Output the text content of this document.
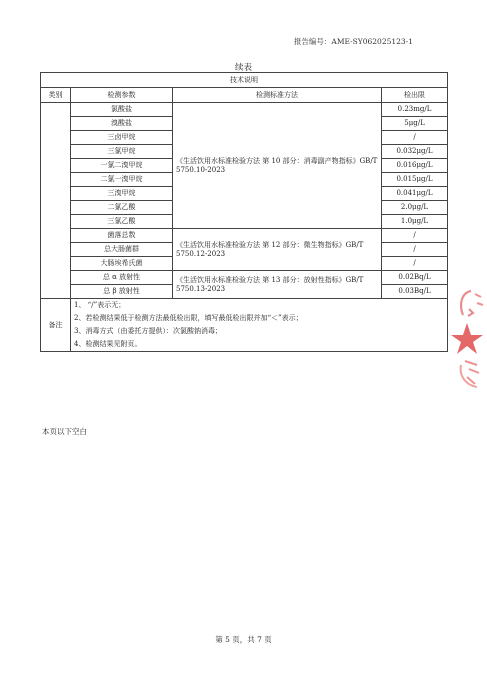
报告编号：AME-SY062025123-1
续表
技术说明			
类别	检测参数	检测标准方法	检出限
	氯酸盐	《生活饮用水标准检验方法 第 10 部分：消毒副产物指标》GB/T 5750.10-2023	0.23mg/L
	溴酸盐		5μg/L
	三卤甲烷		/
	三氯甲烷		0.032μg/L
	一氯二溴甲烷		0.016μg/L
	二氯一溴甲烷		0.015μg/L
	三溴甲烷		0.041μg/L
	二氯乙酸		2.0μg/L
	三氯乙酸		1.0μg/L
	菌落总数	《生活饮用水标准检验方法 第 12 部分：微生物指标》GB/T 5750.12-2023	/
	总大肠菌群		/
	大肠埃希氏菌		/
	总 α 放射性	《生活饮用水标准检验方法 第 13 部分：放射性指标》GB/T 5750.13-2023	0.02Bq/L
	总 β 放射性		0.03Bq/L
备注	1、 “/”表示无；
2、若检测结果低于检测方法最低检出限，填写最低检出限并加“＜”表示；
3、消毒方式（由委托方提供）：次氯酸钠消毒；
4、检测结果见附页。		
本页以下空白
第 5 页，共 7 页
